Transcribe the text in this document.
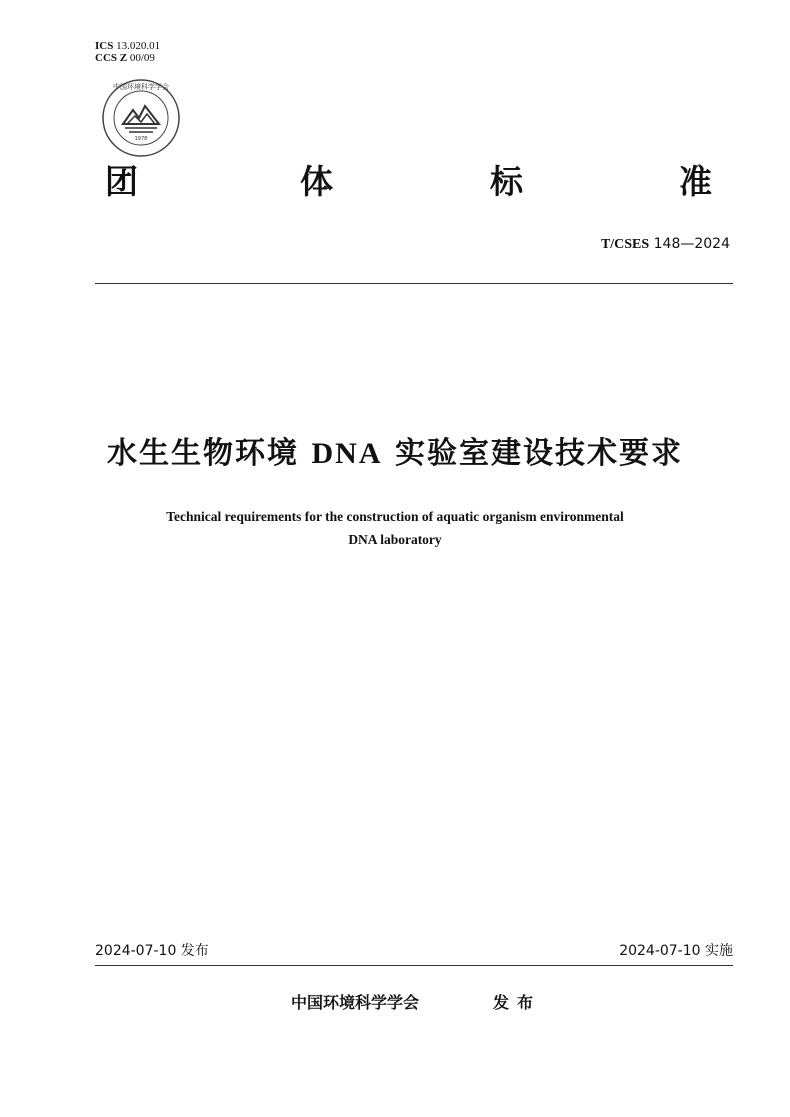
ICS 13.020.01
CCS Z 00/09
1978
中国环境科学学会
团	体	标	准
T/CSES 148—2024
水生生物环境 DNA 实验室建设技术要求
Technical requirements for the construction of aquatic organism environmental
DNA laboratory
2024-07-10 发布	2024-07-10 实施
中国环境科学学会	发布
